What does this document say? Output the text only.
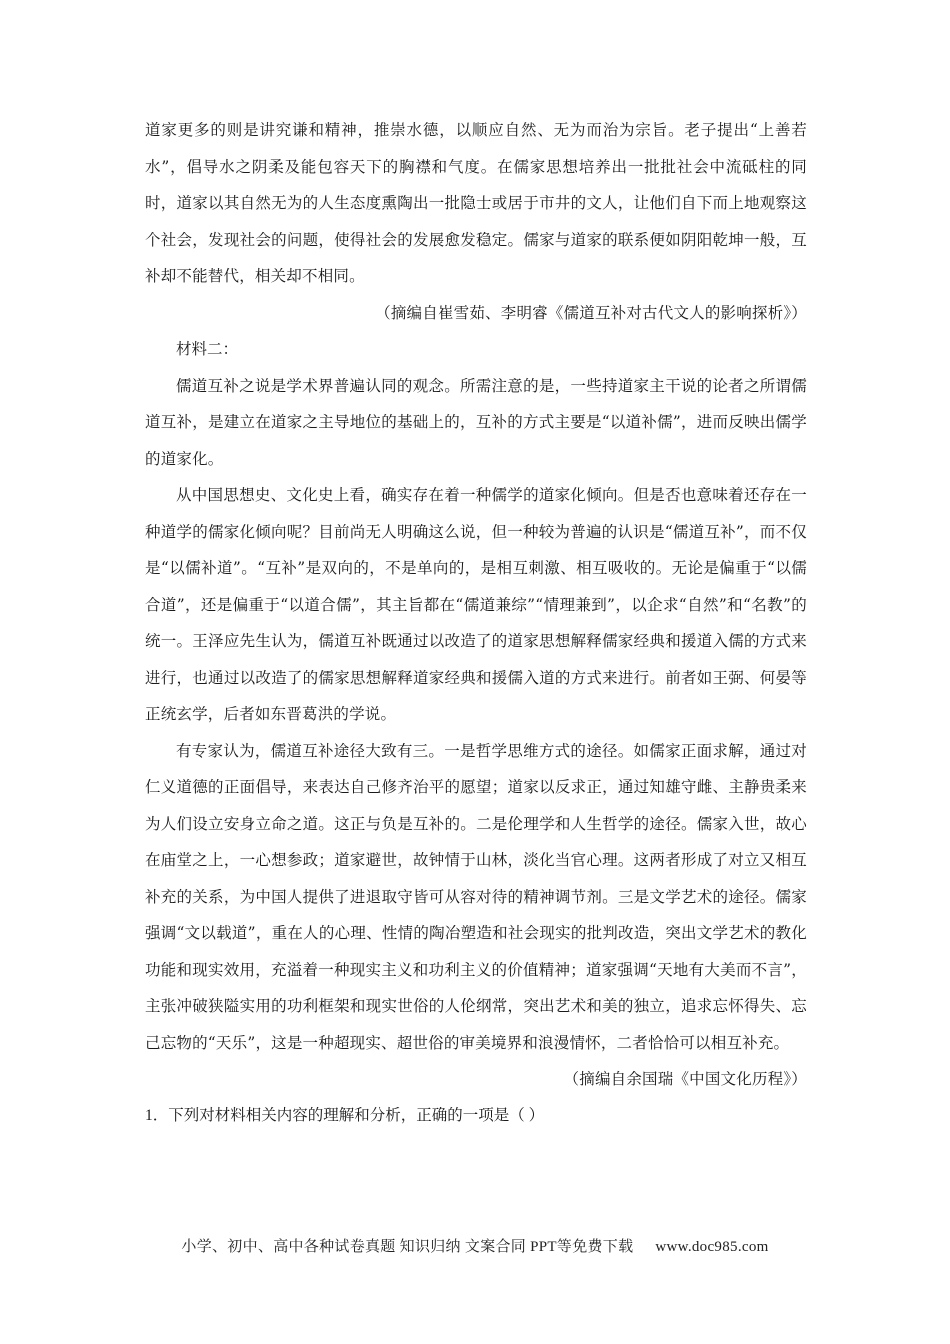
道家更多的则是讲究谦和精神，推崇水德，以顺应自然、无为而治为宗旨。老子提出“上善若水”，倡导水之阴柔及能包容天下的胸襟和气度。在儒家思想培养出一批批社会中流砥柱的同时，道家以其自然无为的人生态度熏陶出一批隐士或居于市井的文人，让他们自下而上地观察这个社会，发现社会的问题，使得社会的发展愈发稳定。儒家与道家的联系便如阴阳乾坤一般，互补却不能替代，相关却不相同。

（摘编自崔雪茹、李明睿《儒道互补对古代文人的影响探析》）

材料二：

儒道互补之说是学术界普遍认同的观念。所需注意的是，一些持道家主干说的论者之所谓儒道互补，是建立在道家之主导地位的基础上的，互补的方式主要是“以道补儒”，进而反映出儒学的道家化。

从中国思想史、文化史上看，确实存在着一种儒学的道家化倾向。但是否也意味着还存在一种道学的儒家化倾向呢？目前尚无人明确这么说，但一种较为普遍的认识是“儒道互补”，而不仅是“以儒补道”。“互补”是双向的，不是单向的，是相互刺激、相互吸收的。无论是偏重于“以儒合道”，还是偏重于“以道合儒”，其主旨都在“儒道兼综”“情理兼到”，以企求“自然”和“名教”的统一。王泽应先生认为，儒道互补既通过以改造了的道家思想解释儒家经典和援道入儒的方式来进行，也通过以改造了的儒家思想解释道家经典和援儒入道的方式来进行。前者如王弼、何晏等正统玄学，后者如东晋葛洪的学说。

有专家认为，儒道互补途径大致有三。一是哲学思维方式的途径。如儒家正面求解，通过对仁义道德的正面倡导，来表达自己修齐治平的愿望；道家以反求正，通过知雄守雌、主静贵柔来为人们设立安身立命之道。这正与负是互补的。二是伦理学和人生哲学的途径。儒家入世，故心在庙堂之上，一心想参政；道家避世，故钟情于山林，淡化当官心理。这两者形成了对立又相互补充的关系，为中国人提供了进退取守皆可从容对待的精神调节剂。三是文学艺术的途径。儒家强调“文以载道”，重在人的心理、性情的陶冶塑造和社会现实的批判改造，突出文学艺术的教化功能和现实效用，充溢着一种现实主义和功利主义的价值精神；道家强调“天地有大美而不言”，主张冲破狭隘实用的功利框架和现实世俗的人伦纲常，突出艺术和美的独立，追求忘怀得失、忘己忘物的“天乐”，这是一种超现实、超世俗的审美境界和浪漫情怀，二者恰恰可以相互补充。

（摘编自余国瑞《中国文化历程》）

1．下列对材料相关内容的理解和分析，正确的一项是（ ）

小学、初中、高中各种试卷真题 知识归纳 文案合同 PPT等免费下载 www.doc985.com
